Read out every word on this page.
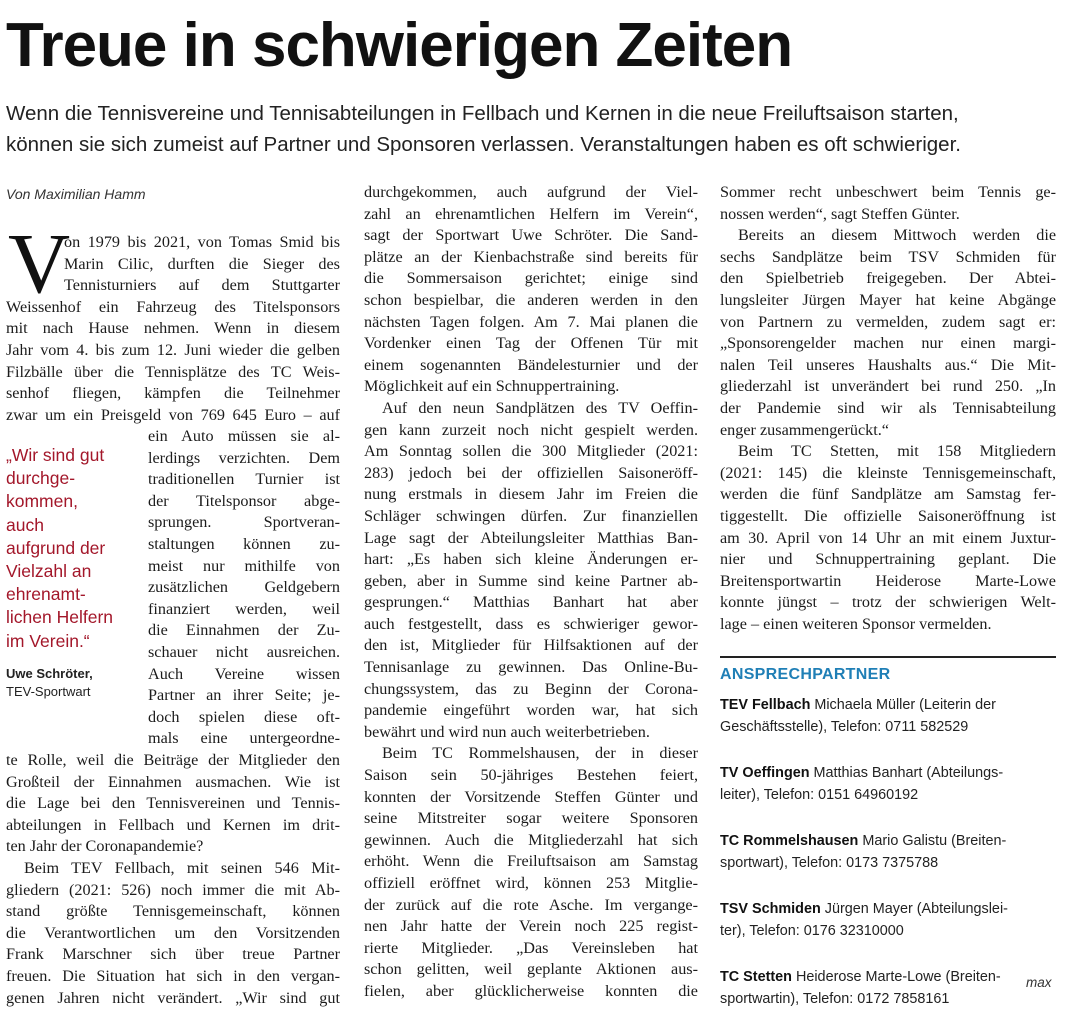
Treue in schwierigen Zeiten
Wenn die Tennisvereine und Tennisabteilungen in Fellbach und Kernen in die neue Freiluftsaison starten,
können sie sich zumeist auf Partner und Sponsoren verlassen. Veranstaltungen haben es oft schwieriger.
Von Maximilian Hamm
V
on 1979 bis 2021, von Tomas Smid bis
Marin Cilic, durften die Sieger des
Tennisturniers auf dem Stuttgarter
Weissenhof ein Fahrzeug des Titelsponsors
mit nach Hause nehmen. Wenn in diesem
Jahr vom 4. bis zum 12. Juni wieder die gelben
Filzbälle über die Tennisplätze des TC Weis-
senhof fliegen, kämpfen die Teilnehmer
zwar um ein Preisgeld von 769 645 Euro – auf
ein Auto müssen sie al-
lerdings verzichten. Dem
traditionellen Turnier ist
der Titelsponsor abge-
sprungen. Sportveran-
staltungen können zu-
meist nur mithilfe von
zusätzlichen Geldgebern
finanziert werden, weil
die Einnahmen der Zu-
schauer nicht ausreichen.
Auch Vereine wissen
Partner an ihrer Seite; je-
doch spielen diese oft-
mals eine untergeordne-
te Rolle, weil die Beiträge der Mitglieder den
Großteil der Einnahmen ausmachen. Wie ist
die Lage bei den Tennisvereinen und Tennis-
abteilungen in Fellbach und Kernen im drit-
ten Jahr der Coronapandemie?
Beim TEV Fellbach, mit seinen 546 Mit-
gliedern (2021: 526) noch immer die mit Ab-
stand größte Tennisgemeinschaft, können
die Verantwortlichen um den Vorsitzenden
Frank Marschner sich über treue Partner
freuen. Die Situation hat sich in den vergan-
genen Jahren nicht verändert. „Wir sind gut
„Wir sind gut
durchge-
kommen,
auch
aufgrund der
Vielzahl an
ehrenamt-
lichen Helfern
im Verein.“
Uwe Schröter,
TEV-Sportwart
durchgekommen, auch aufgrund der Viel-
zahl an ehrenamtlichen Helfern im Verein“,
sagt der Sportwart Uwe Schröter. Die Sand-
plätze an der Kienbachstraße sind bereits für
die Sommersaison gerichtet; einige sind
schon bespielbar, die anderen werden in den
nächsten Tagen folgen. Am 7. Mai planen die
Vordenker einen Tag der Offenen Tür mit
einem sogenannten Bändelesturnier und der
Möglichkeit auf ein Schnuppertraining.
Auf den neun Sandplätzen des TV Oeffin-
gen kann zurzeit noch nicht gespielt werden.
Am Sonntag sollen die 300 Mitglieder (2021:
283) jedoch bei der offiziellen Saisoneröff-
nung erstmals in diesem Jahr im Freien die
Schläger schwingen dürfen. Zur finanziellen
Lage sagt der Abteilungsleiter Matthias Ban-
hart: „Es haben sich kleine Änderungen er-
geben, aber in Summe sind keine Partner ab-
gesprungen.“ Matthias Banhart hat aber
auch festgestellt, dass es schwieriger gewor-
den ist, Mitglieder für Hilfsaktionen auf der
Tennisanlage zu gewinnen. Das Online-Bu-
chungssystem, das zu Beginn der Corona-
pandemie eingeführt worden war, hat sich
bewährt und wird nun auch weiterbetrieben.
Beim TC Rommelshausen, der in dieser
Saison sein 50-jähriges Bestehen feiert,
konnten der Vorsitzende Steffen Günter und
seine Mitstreiter sogar weitere Sponsoren
gewinnen. Auch die Mitgliederzahl hat sich
erhöht. Wenn die Freiluftsaison am Samstag
offiziell eröffnet wird, können 253 Mitglie-
der zurück auf die rote Asche. Im vergange-
nen Jahr hatte der Verein noch 225 regist-
rierte Mitglieder. „Das Vereinsleben hat
schon gelitten, weil geplante Aktionen aus-
fielen, aber glücklicherweise konnten die
Sommer recht unbeschwert beim Tennis ge-
nossen werden“, sagt Steffen Günter.
Bereits an diesem Mittwoch werden die
sechs Sandplätze beim TSV Schmiden für
den Spielbetrieb freigegeben. Der Abtei-
lungsleiter Jürgen Mayer hat keine Abgänge
von Partnern zu vermelden, zudem sagt er:
„Sponsorengelder machen nur einen margi-
nalen Teil unseres Haushalts aus.“ Die Mit-
gliederzahl ist unverändert bei rund 250. „In
der Pandemie sind wir als Tennisabteilung
enger zusammengerückt.“
Beim TC Stetten, mit 158 Mitgliedern
(2021: 145) die kleinste Tennisgemeinschaft,
werden die fünf Sandplätze am Samstag fer-
tiggestellt. Die offizielle Saisoneröffnung ist
am 30. April von 14 Uhr an mit einem Juxtur-
nier und Schnuppertraining geplant. Die
Breitensportwartin Heiderose Marte-Lowe
konnte jüngst – trotz der schwierigen Welt-
lage – einen weiteren Sponsor vermelden.
ANSPRECHPARTNER
TEV Fellbach Michaela Müller (Leiterin der
Geschäftsstelle), Telefon: 0711 582529
TV Oeffingen Matthias Banhart (Abteilungs-
leiter), Telefon: 0151 64960192
TC Rommelshausen Mario Galistu (Breiten-
sportwart), Telefon: 0173 7375788
TSV Schmiden Jürgen Mayer (Abteilungslei-
ter), Telefon: 0176 32310000
TC Stetten Heiderose Marte-Lowe (Breiten-
sportwartin), Telefon: 0172 7858161
max
